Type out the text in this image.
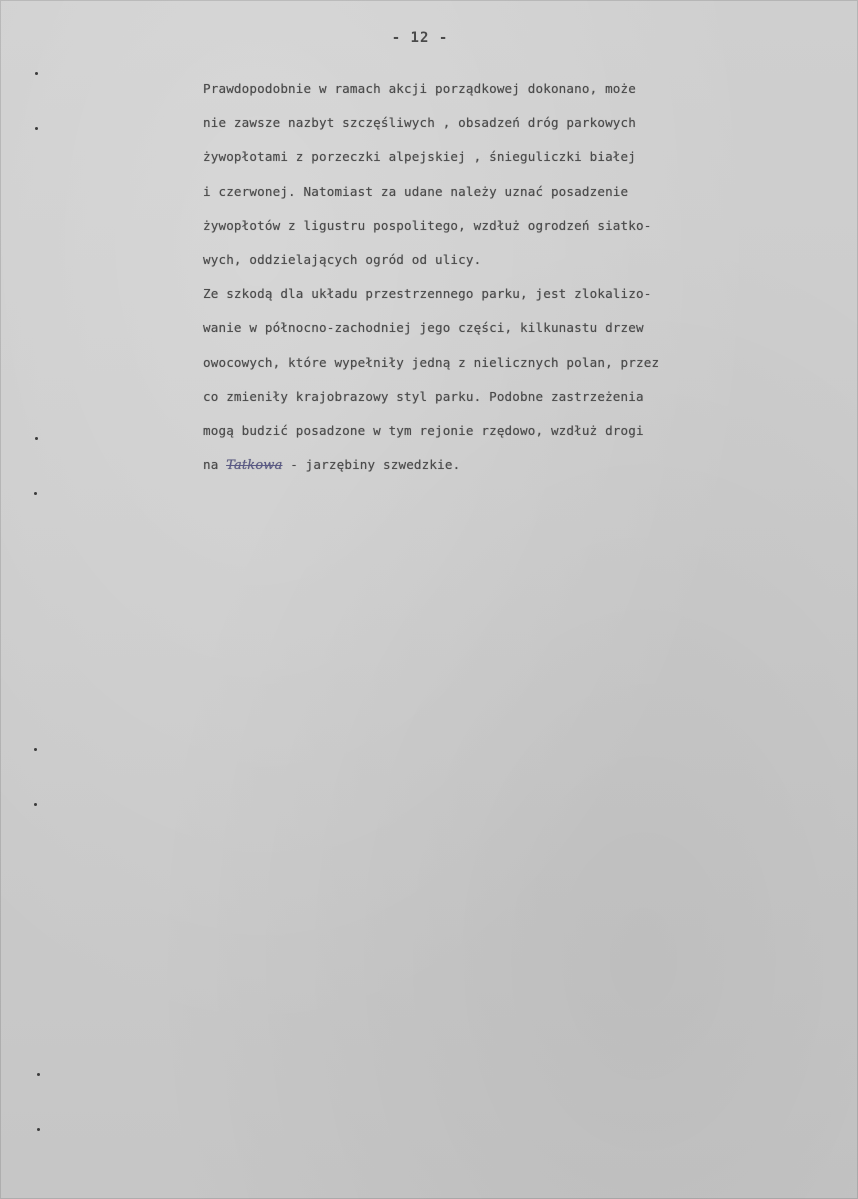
- 12 -
Prawdopodobnie w ramach akcji porządkowej dokonano, może
nie zawsze nazbyt szczęśliwych , obsadzeń dróg parkowych
żywopłotami z porzeczki alpejskiej , śnieguliczki białej
i czerwonej. Natomiast za udane należy uznać posadzenie
żywopłotów z ligustru pospolitego, wzdłuż ogrodzeń siatko-
wych, oddzielających ogród od ulicy.
Ze szkodą dla układu przestrzennego parku, jest zlokalizo-
wanie w północno-zachodniej jego części, kilkunastu drzew
owocowych, które wypełniły jedną z nielicznych polan, przez
co zmieniły krajobrazowy styl parku. Podobne zastrzeżenia
mogą budzić posadzone w tym rejonie rzędowo, wzdłuż drogi
na Tatkowa - jarzębiny szwedzkie.
